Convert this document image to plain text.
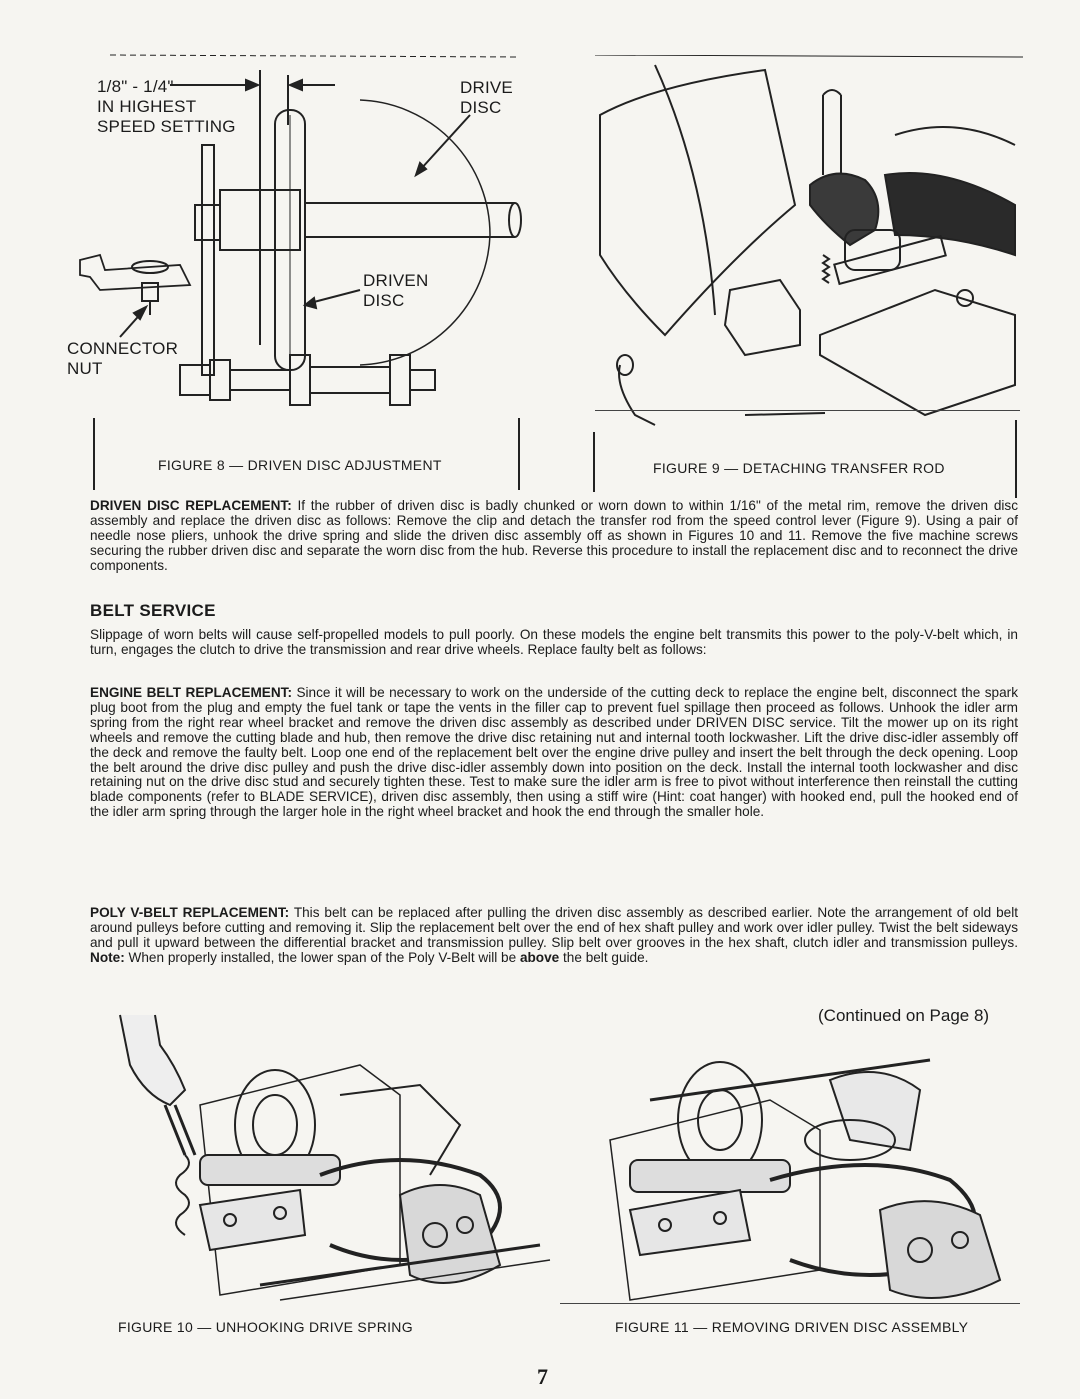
1/8" - 1/4"
IN HIGHEST
SPEED SETTING
DRIVE
DISC
DRIVEN
DISC
CONNECTOR
NUT
FIGURE 8 — DRIVEN DISC ADJUSTMENT	FIGURE 9 — DETACHING TRANSFER ROD

DRIVEN DISC REPLACEMENT: If the rubber of driven disc is badly chunked or worn down to within 1/16" of the metal rim, remove the driven disc assembly and replace the driven disc as follows: Remove the clip and detach the transfer rod from the speed control lever (Figure 9). Using a pair of needle nose pliers, unhook the drive spring and slide the driven disc assembly off as shown in Figures 10 and 11. Remove the five machine screws securing the rubber driven disc and separate the worn disc from the hub. Reverse this procedure to install the replacement disc and to reconnect the drive components.

BELT SERVICE

Slippage of worn belts will cause self-propelled models to pull poorly. On these models the engine belt transmits this power to the poly-V-belt which, in turn, engages the clutch to drive the transmission and rear drive wheels. Replace faulty belt as follows:

ENGINE BELT REPLACEMENT: Since it will be necessary to work on the underside of the cutting deck to replace the engine belt, disconnect the spark plug boot from the plug and empty the fuel tank or tape the vents in the filler cap to prevent fuel spillage then proceed as follows. Unhook the idler arm spring from the right rear wheel bracket and remove the driven disc assembly as described under DRIVEN DISC service. Tilt the mower up on its right wheels and remove the cutting blade and hub, then remove the drive disc retaining nut and internal tooth lockwasher. Lift the drive disc-idler assembly off the deck and remove the faulty belt. Loop one end of the replacement belt over the engine drive pulley and insert the belt through the deck opening. Loop the belt around the drive disc pulley and push the drive disc-idler assembly down into position on the deck. Install the internal tooth lockwasher and disc retaining nut on the drive disc stud and securely tighten these. Test to make sure the idler arm is free to pivot without interference then reinstall the cutting blade components (refer to BLADE SERVICE), driven disc assembly, then using a stiff wire (Hint: coat hanger) with hooked end, pull the hooked end of the idler arm spring through the larger hole in the right wheel bracket and hook the end through the smaller hole.

POLY V-BELT REPLACEMENT: This belt can be replaced after pulling the driven disc assembly as described earlier. Note the arrangement of old belt around pulleys before cutting and removing it. Slip the replacement belt over the end of hex shaft pulley and work over idler pulley. Twist the belt sideways and pull it upward between the differential bracket and transmission pulley. Slip belt over grooves in the hex shaft, clutch idler and transmission pulleys. Note: When properly installed, the lower span of the Poly V-Belt will be above the belt guide.

(Continued on Page 8)
FIGURE 10 — UNHOOKING DRIVE SPRING	FIGURE 11 — REMOVING DRIVEN DISC ASSEMBLY
7
